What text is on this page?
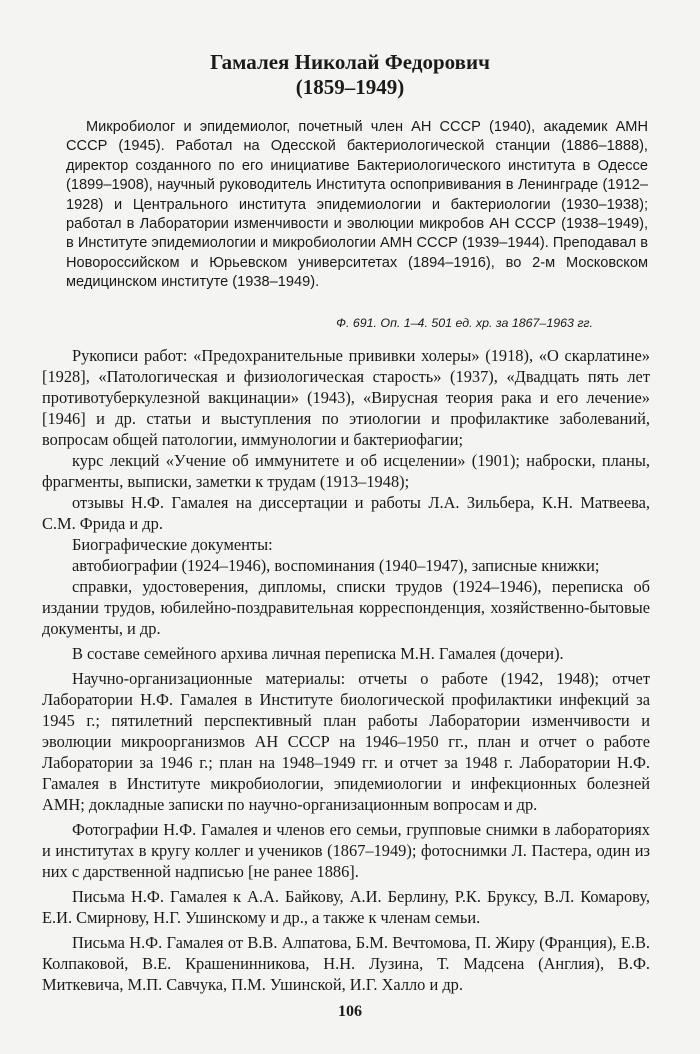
Гамалея Николай Федорович
(1859–1949)

Микробиолог и эпидемиолог, почетный член АН СССР (1940), академик АМН СССР (1945). Работал на Одесской бактериологической станции (1886–1888), директор созданного по его инициативе Бактериологического института в Одессе (1899–1908), научный руководитель Института оспопрививания в Ленинграде (1912–1928) и Центрального института эпидемиологии и бактериологии (1930–1938); работал в Лаборатории изменчивости и эволюции микробов АН СССР (1938–1949), в Институте эпидемиологии и микробиологии АМН СССР (1939–1944). Преподавал в Новороссийском и Юрьевском университетах (1894–1916), во 2-м Московском медицинском институте (1938–1949).

Ф. 691. Оп. 1–4. 501 ед. хр. за 1867–1963 гг.

Рукописи работ: «Предохранительные прививки холеры» (1918), «О скарлатине» [1928], «Патологическая и физиологическая старость» (1937), «Двадцать пять лет противотуберкулезной вакцинации» (1943), «Вирусная теория рака и его лечение» [1946] и др. статьи и выступления по этиологии и профилактике заболеваний, вопросам общей патологии, иммунологии и бактериофагии;

курс лекций «Учение об иммунитете и об исцелении» (1901); наброски, планы, фрагменты, выписки, заметки к трудам (1913–1948);

отзывы Н.Ф. Гамалея на диссертации и работы Л.А. Зильбера, К.Н. Матвеева, С.М. Фрида и др.

Биографические документы:

автобиографии (1924–1946), воспоминания (1940–1947), записные книжки;

справки, удостоверения, дипломы, списки трудов (1924–1946), переписка об издании трудов, юбилейно-поздравительная корреспонденция, хозяйственно-бытовые документы, и др.

В составе семейного архива личная переписка М.Н. Гамалея (дочери).

Научно-организационные материалы: отчеты о работе (1942, 1948); отчет Лаборатории Н.Ф. Гамалея в Институте биологической профилактики инфекций за 1945 г.; пятилетний перспективный план работы Лаборатории изменчивости и эволюции микроорганизмов АН СССР на 1946–1950 гг., план и отчет о работе Лаборатории за 1946 г.; план на 1948–1949 гг. и отчет за 1948 г. Лаборатории Н.Ф. Гамалея в Институте микробиологии, эпидемиологии и инфекционных болезней АМН; докладные записки по научно-организационным вопросам и др.

Фотографии Н.Ф. Гамалея и членов его семьи, групповые снимки в лабораториях и институтах в кругу коллег и учеников (1867–1949); фотоснимки Л. Пастера, один из них с дарственной надписью [не ранее 1886].

Письма Н.Ф. Гамалея к А.А. Байкову, А.И. Берлину, Р.К. Бруксу, В.Л. Комарову, Е.И. Смирнову, Н.Г. Ушинскому и др., а также к членам семьи.

Письма Н.Ф. Гамалея от В.В. Алпатова, Б.М. Вечтомова, П. Жиру (Франция), Е.В. Колпаковой, В.Е. Крашенинникова, Н.Н. Лузина, Т. Мадсена (Англия), В.Ф. Миткевича, М.П. Савчука, П.М. Ушинской, И.Г. Халло и др.

106
